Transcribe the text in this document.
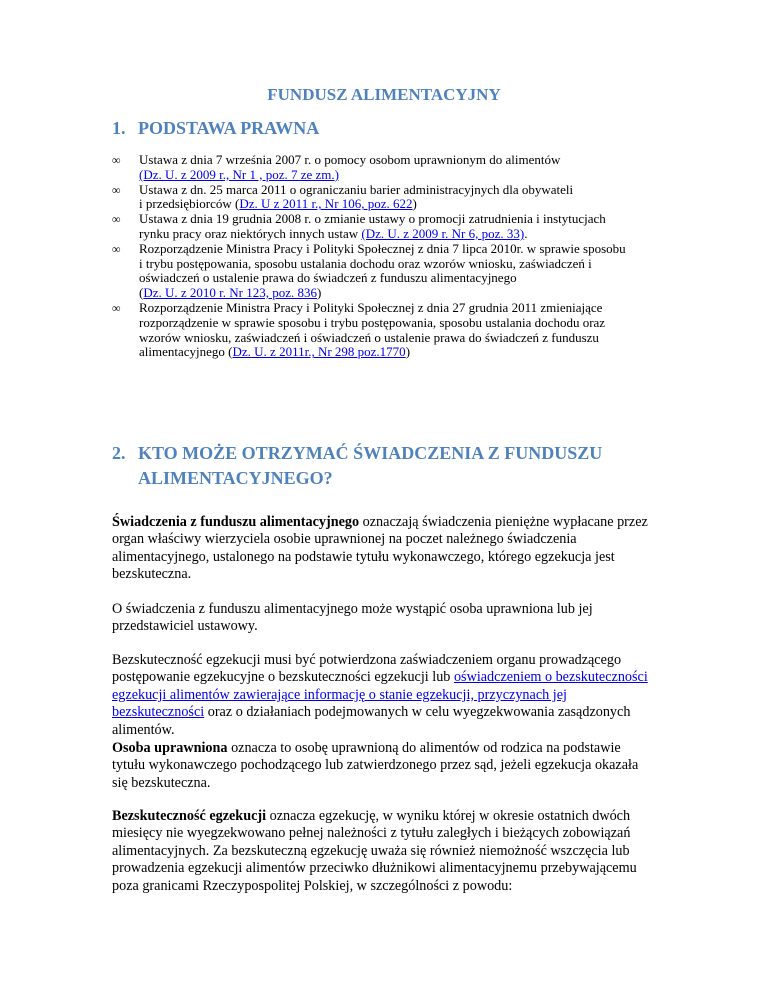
FUNDUSZ ALIMENTACYJNY
1. PODSTAWA PRAWNA
∞ Ustawa z dnia 7 września 2007 r. o pomocy osobom uprawnionym do alimentów
(Dz. U. z 2009 r., Nr 1 , poz. 7 ze zm.)
∞ Ustawa z dn. 25 marca 2011 o ograniczaniu barier administracyjnych dla obywateli
i przedsiębiorców (Dz. U z 2011 r., Nr 106, poz. 622)
∞ Ustawa z dnia 19 grudnia 2008 r. o zmianie ustawy o promocji zatrudnienia i instytucjach
rynku pracy oraz niektórych innych ustaw (Dz. U. z 2009 r. Nr 6, poz. 33).
∞ Rozporządzenie Ministra Pracy i Polityki Społecznej z dnia 7 lipca 2010r. w sprawie sposobu
i trybu postępowania, sposobu ustalania dochodu oraz wzorów wniosku, zaświadczeń i
oświadczeń o ustalenie prawa do świadczeń z funduszu alimentacyjnego
(Dz. U. z 2010 r. Nr 123, poz. 836)
∞ Rozporządzenie Ministra Pracy i Polityki Społecznej z dnia 27 grudnia 2011 zmieniające
rozporządzenie w sprawie sposobu i trybu postępowania, sposobu ustalania dochodu oraz
wzorów wniosku, zaświadczeń i oświadczeń o ustalenie prawa do świadczeń z funduszu
alimentacyjnego (Dz. U. z 2011r., Nr 298 poz.1770)
2. KTO MOŻE OTRZYMAĆ ŚWIADCZENIA Z FUNDUSZU
ALIMENTACYJNEGO?
Świadczenia z funduszu alimentacyjnego oznaczają świadczenia pieniężne wypłacane przez
organ właściwy wierzyciela osobie uprawnionej na poczet należnego świadczenia
alimentacyjnego, ustalonego na podstawie tytułu wykonawczego, którego egzekucja jest
bezskuteczna.
O świadczenia z funduszu alimentacyjnego może wystąpić osoba uprawniona lub jej
przedstawiciel ustawowy.
Bezskuteczność egzekucji musi być potwierdzona zaświadczeniem organu prowadzącego
postępowanie egzekucyjne o bezskuteczności egzekucji lub oświadczeniem o bezskuteczności
egzekucji alimentów zawierające informację o stanie egzekucji, przyczynach jej
bezskuteczności oraz o działaniach podejmowanych w celu wyegzekwowania zasądzonych
alimentów.
Osoba uprawniona oznacza to osobę uprawnioną do alimentów od rodzica na podstawie
tytułu wykonawczego pochodzącego lub zatwierdzonego przez sąd, jeżeli egzekucja okazała
się bezskuteczna.
Bezskuteczność egzekucji oznacza egzekucję, w wyniku której w okresie ostatnich dwóch
miesięcy nie wyegzekwowano pełnej należności z tytułu zaległych i bieżących zobowiązań
alimentacyjnych. Za bezskuteczną egzekucję uważa się również niemożność wszczęcia lub
prowadzenia egzekucji alimentów przeciwko dłużnikowi alimentacyjnemu przebywającemu
poza granicami Rzeczypospolitej Polskiej, w szczególności z powodu:
